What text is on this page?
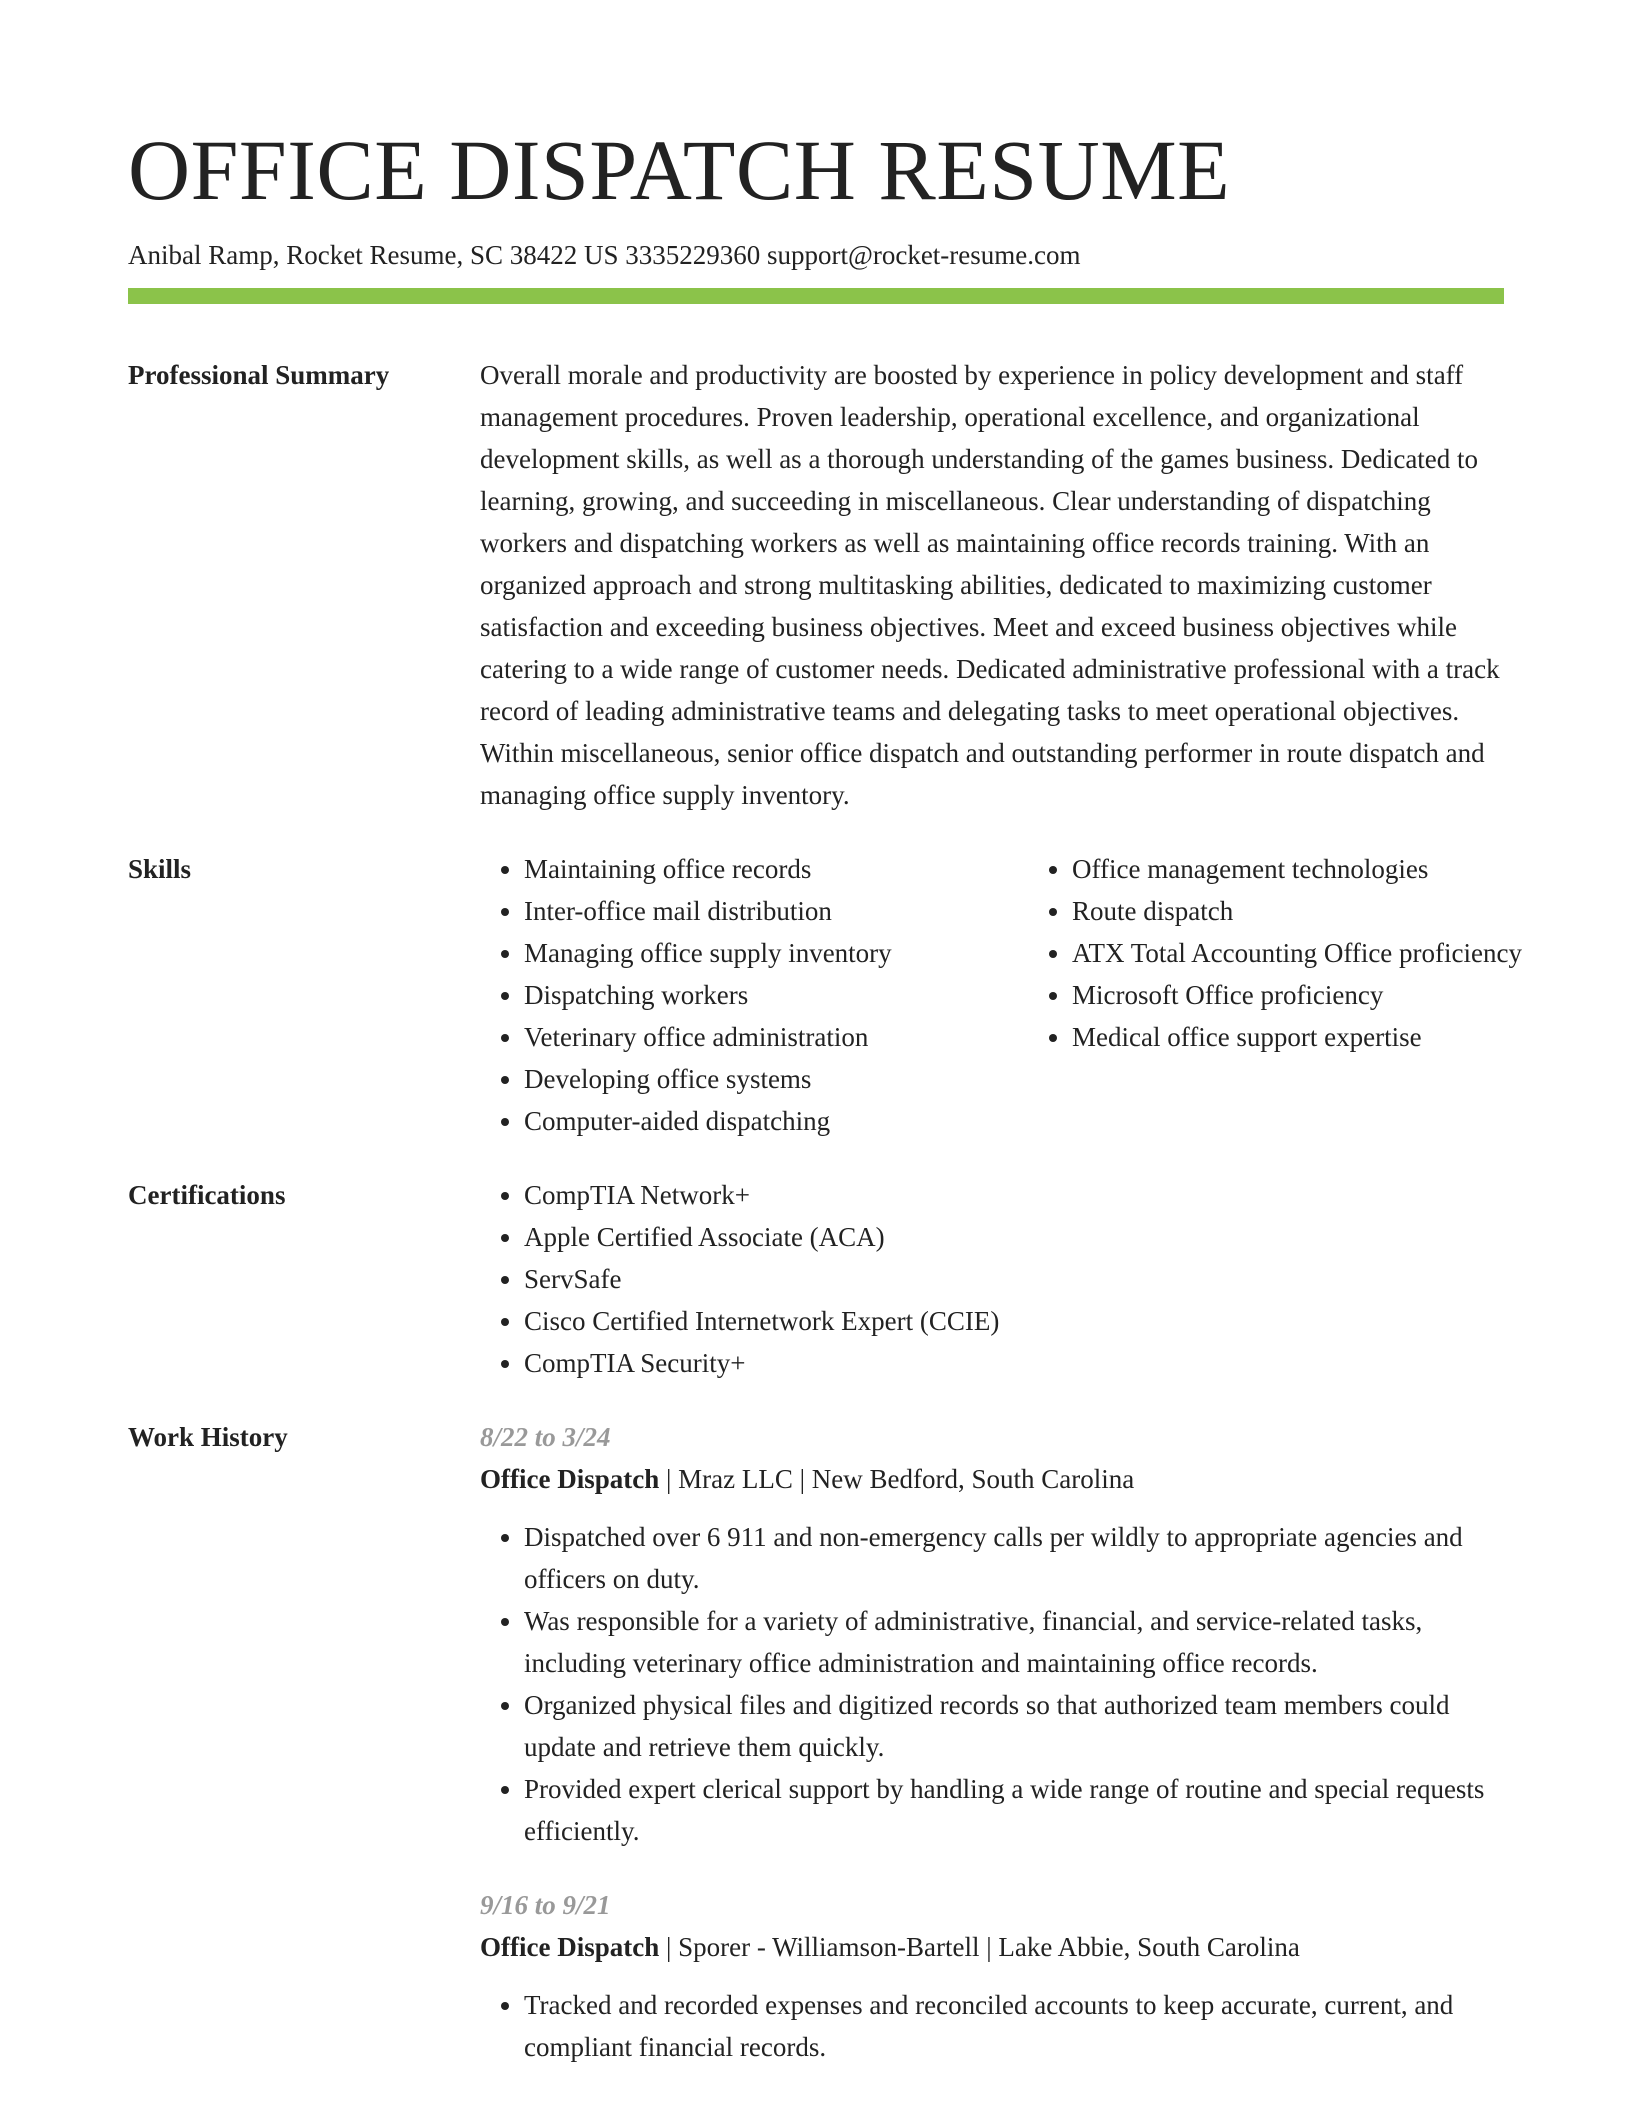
OFFICE DISPATCH RESUME
Anibal Ramp, Rocket Resume, SC 38422 US 3335229360 support@rocket-resume.com
Professional Summary	Overall morale and productivity are boosted by experience in policy development and staff management procedures. Proven leadership, operational excellence, and organizational development skills, as well as a thorough understanding of the games business. Dedicated to learning, growing, and succeeding in miscellaneous. Clear understanding of dispatching workers and dispatching workers as well as maintaining office records training. With an organized approach and strong multitasking abilities, dedicated to maximizing customer satisfaction and exceeding business objectives. Meet and exceed business objectives while catering to a wide range of customer needs. Dedicated administrative professional with a track record of leading administrative teams and delegating tasks to meet operational objectives. Within miscellaneous, senior office dispatch and outstanding performer in route dispatch and managing office supply inventory.

Skills	• Maintaining office records
• Inter-office mail distribution
• Managing office supply inventory
• Dispatching workers
• Veterinary office administration
• Developing office systems
• Computer-aided dispatching
• Office management technologies
• Route dispatch
• ATX Total Accounting Office proficiency
• Microsoft Office proficiency
• Medical office support expertise
Certifications	• CompTIA Network+
• Apple Certified Associate (ACA)
• ServSafe
• Cisco Certified Internetwork Expert (CCIE)
• CompTIA Security+
Work History	8/22 to 3/24
Office Dispatch | Mraz LLC | New Bedford, South Carolina
• Dispatched over 6 911 and non-emergency calls per wildly to appropriate agencies and officers on duty.
• Was responsible for a variety of administrative, financial, and service-related tasks, including veterinary office administration and maintaining office records.
• Organized physical files and digitized records so that authorized team members could update and retrieve them quickly.
• Provided expert clerical support by handling a wide range of routine and special requests efficiently.
9/16 to 9/21
Office Dispatch | Sporer - Williamson-Bartell | Lake Abbie, South Carolina
• Tracked and recorded expenses and reconciled accounts to keep accurate, current, and compliant financial records.
